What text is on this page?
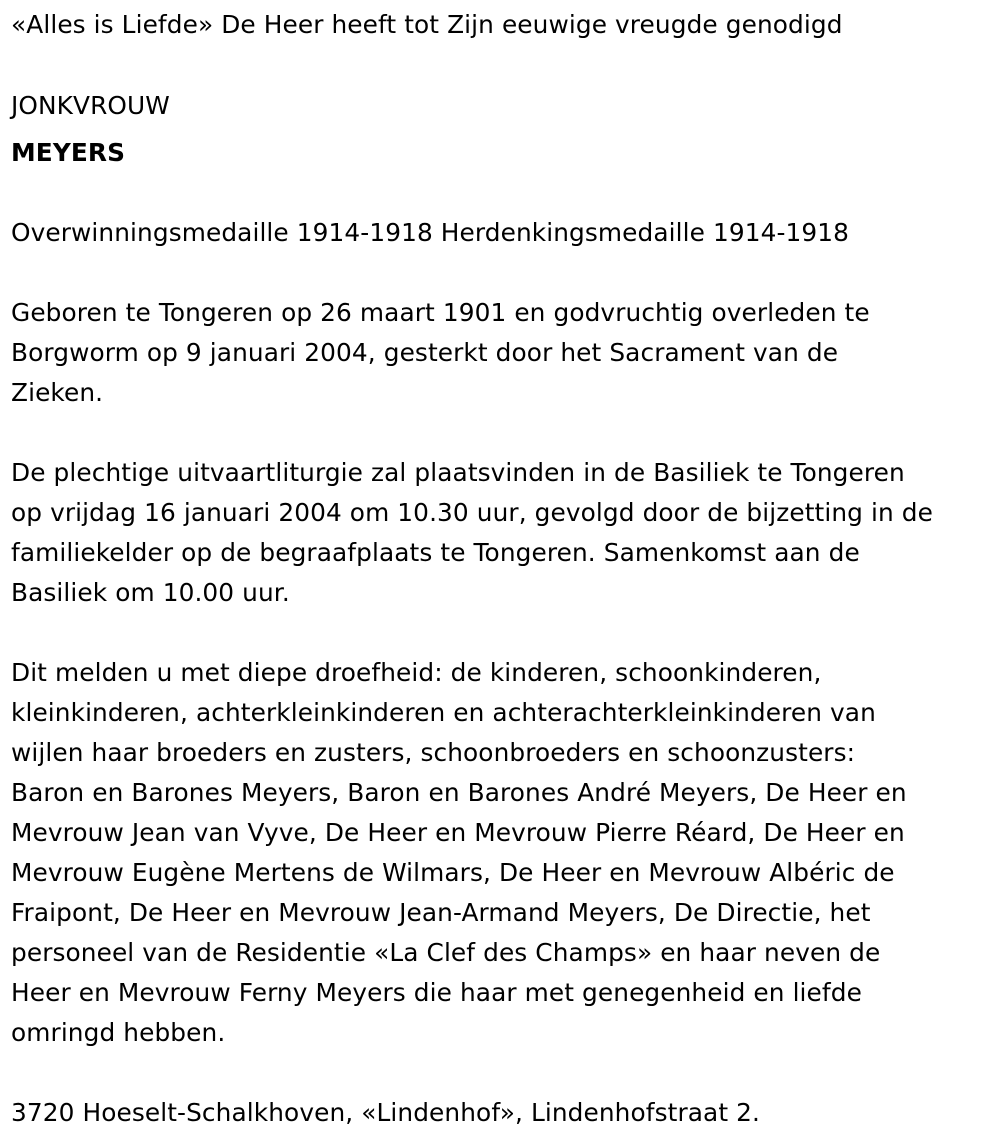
«Alles is Liefde» De Heer heeft tot Zijn eeuwige vreugde genodigd
JONKVROUW
MEYERS
Overwinningsmedaille 1914-1918 Herdenkingsmedaille 1914-1918
Geboren te Tongeren op 26 maart 1901 en godvruchtig overleden te
Borgworm op 9 januari 2004, gesterkt door het Sacrament van de
Zieken.
De plechtige uitvaartliturgie zal plaatsvinden in de Basiliek te Tongeren
op vrijdag 16 januari 2004 om 10.30 uur, gevolgd door de bijzetting in de
familiekelder op de begraafplaats te Tongeren. Samenkomst aan de
Basiliek om 10.00 uur.
Dit melden u met diepe droefheid: de kinderen, schoonkinderen,
kleinkinderen, achterkleinkinderen en achterachterkleinkinderen van
wijlen haar broeders en zusters, schoonbroeders en schoonzusters:
Baron en Barones Meyers, Baron en Barones André Meyers, De Heer en
Mevrouw Jean van Vyve, De Heer en Mevrouw Pierre Réard, De Heer en
Mevrouw Eugène Mertens de Wilmars, De Heer en Mevrouw Albéric de
Fraipont, De Heer en Mevrouw Jean-Armand Meyers, De Directie, het
personeel van de Residentie «La Clef des Champs» en haar neven de
Heer en Mevrouw Ferny Meyers die haar met genegenheid en liefde
omringd hebben.
3720 Hoeselt-Schalkhoven, «Lindenhof», Lindenhofstraat 2.
